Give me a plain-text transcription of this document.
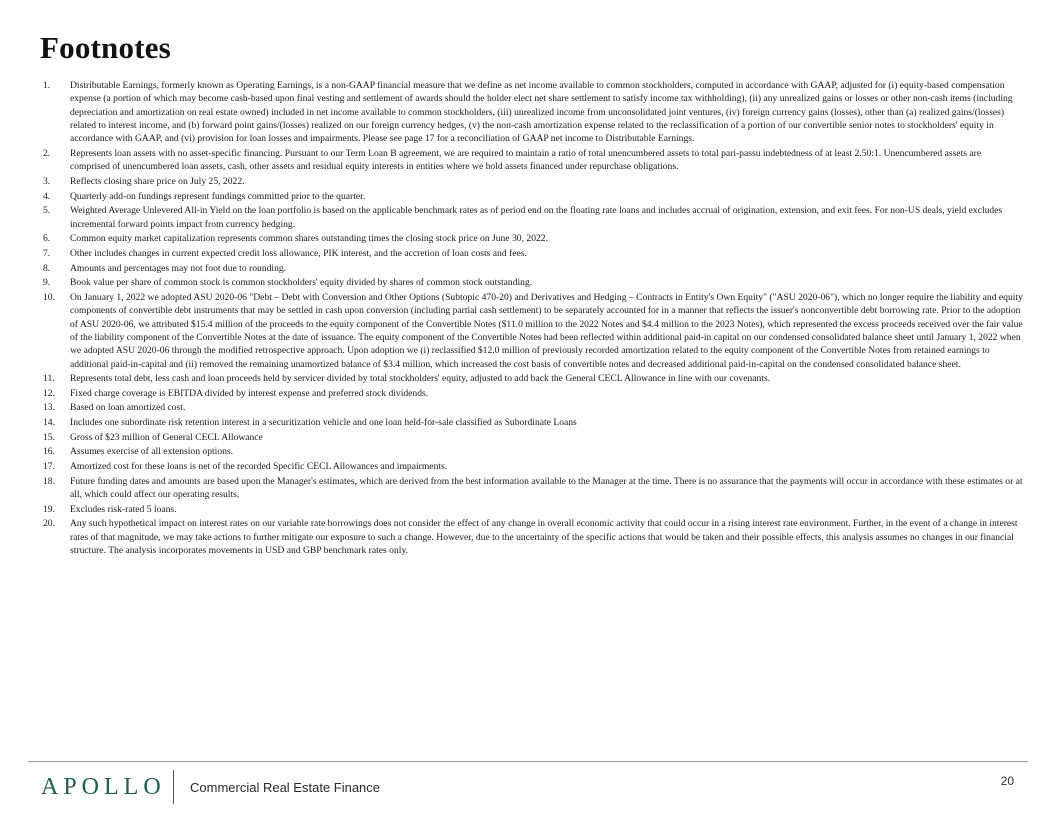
Footnotes
1.	Distributable Earnings, formerly known as Operating Earnings, is a non-GAAP financial measure that we define as net income available to common stockholders, computed in accordance with GAAP, adjusted for (i) equity-based compensation expense (a portion of which may become cash-based upon final vesting and settlement of awards should the holder elect net share settlement to satisfy income tax withholding), (ii) any unrealized gains or losses or other non-cash items (including depreciation and amortization on real estate owned) included in net income available to common stockholders, (iii) unrealized income from unconsolidated joint ventures, (iv) foreign currency gains (losses), other than (a) realized gains/(losses) related to interest income, and (b) forward point gains/(losses) realized on our foreign currency hedges, (v) the non-cash amortization expense related to the reclassification of a portion of our convertible senior notes to stockholders' equity in accordance with GAAP, and (vi) provision for loan losses and impairments. Please see page 17 for a reconciliation of GAAP net income to Distributable Earnings.
2.	Represents loan assets with no asset-specific financing. Pursuant to our Term Loan B agreement, we are required to maintain a ratio of total unencumbered assets to total pari-passu indebtedness of at least 2.50:1. Unencumbered assets are comprised of unencumbered loan assets, cash, other assets and residual equity interests in entities where we hold assets financed under repurchase obligations.
3.	Reflects closing share price on July 25, 2022.
4.	Quarterly add-on fundings represent fundings committed prior to the quarter.
5.	Weighted Average Unlevered All-in Yield on the loan portfolio is based on the applicable benchmark rates as of period end on the floating rate loans and includes accrual of origination, extension, and exit fees. For non-US deals, yield excludes incremental forward points impact from currency hedging.
6.	Common equity market capitalization represents common shares outstanding times the closing stock price on June 30, 2022.
7.	Other includes changes in current expected credit loss allowance, PIK interest, and the accretion of loan costs and fees.
8.	Amounts and percentages may not foot due to rounding.
9.	Book value per share of common stock is common stockholders' equity divided by shares of common stock outstanding.
10.	On January 1, 2022 we adopted ASU 2020-06 "Debt – Debt with Conversion and Other Options (Subtopic 470-20) and Derivatives and Hedging – Contracts in Entity's Own Equity" ("ASU 2020-06"), which no longer require the liability and equity components of convertible debt instruments that may be settled in cash upon conversion (including partial cash settlement) to be separately accounted for in a manner that reflects the issuer's nonconvertible debt borrowing rate. Prior to the adoption of ASU 2020-06, we attributed $15.4 million of the proceeds to the equity component of the Convertible Notes ($11.0 million to the 2022 Notes and $4.4 million to the 2023 Notes), which represented the excess proceeds received over the fair value of the liability component of the Convertible Notes at the date of issuance. The equity component of the Convertible Notes had been reflected within additional paid-in capital on our condensed consolidated balance sheet until January 1, 2022 when we adopted ASU 2020-06 through the modified retrospective approach. Upon adoption we (i) reclassified $12.0 million of previously recorded amortization related to the equity component of the Convertible Notes from retained earnings to additional paid-in-capital and (ii) removed the remaining unamortized balance of $3.4 million, which increased the cost basis of convertible notes and decreased additional paid-in-capital on the condensed consolidated balance sheet.
11.	Represents total debt, less cash and loan proceeds held by servicer divided by total stockholders' equity, adjusted to add back the General CECL Allowance in line with our covenants.
12.	Fixed charge coverage is EBITDA divided by interest expense and preferred stock dividends.
13.	Based on loan amortized cost.
14.	Includes one subordinate risk retention interest in a securitization vehicle and one loan held-for-sale classified as Subordinate Loans
15.	Gross of $23 million of General CECL Allowance
16.	Assumes exercise of all extension options.
17.	Amortized cost for these loans is net of the recorded Specific CECL Allowances and impairments.
18.	Future funding dates and amounts are based upon the Manager's estimates, which are derived from the best information available to the Manager at the time. There is no assurance that the payments will occur in accordance with these estimates or at all, which could affect our operating results.
19.	Excludes risk-rated 5 loans.
20.	Any such hypothetical impact on interest rates on our variable rate borrowings does not consider the effect of any change in overall economic activity that could occur in a rising interest rate environment. Further, in the event of a change in interest rates of that magnitude, we may take actions to further mitigate our exposure to such a change. However, due to the uncertainty of the specific actions that would be taken and their possible effects, this analysis assumes no changes in our financial structure. The analysis incorporates movements in USD and GBP benchmark rates only.
APOLLO Commercial Real Estate Finance	20
